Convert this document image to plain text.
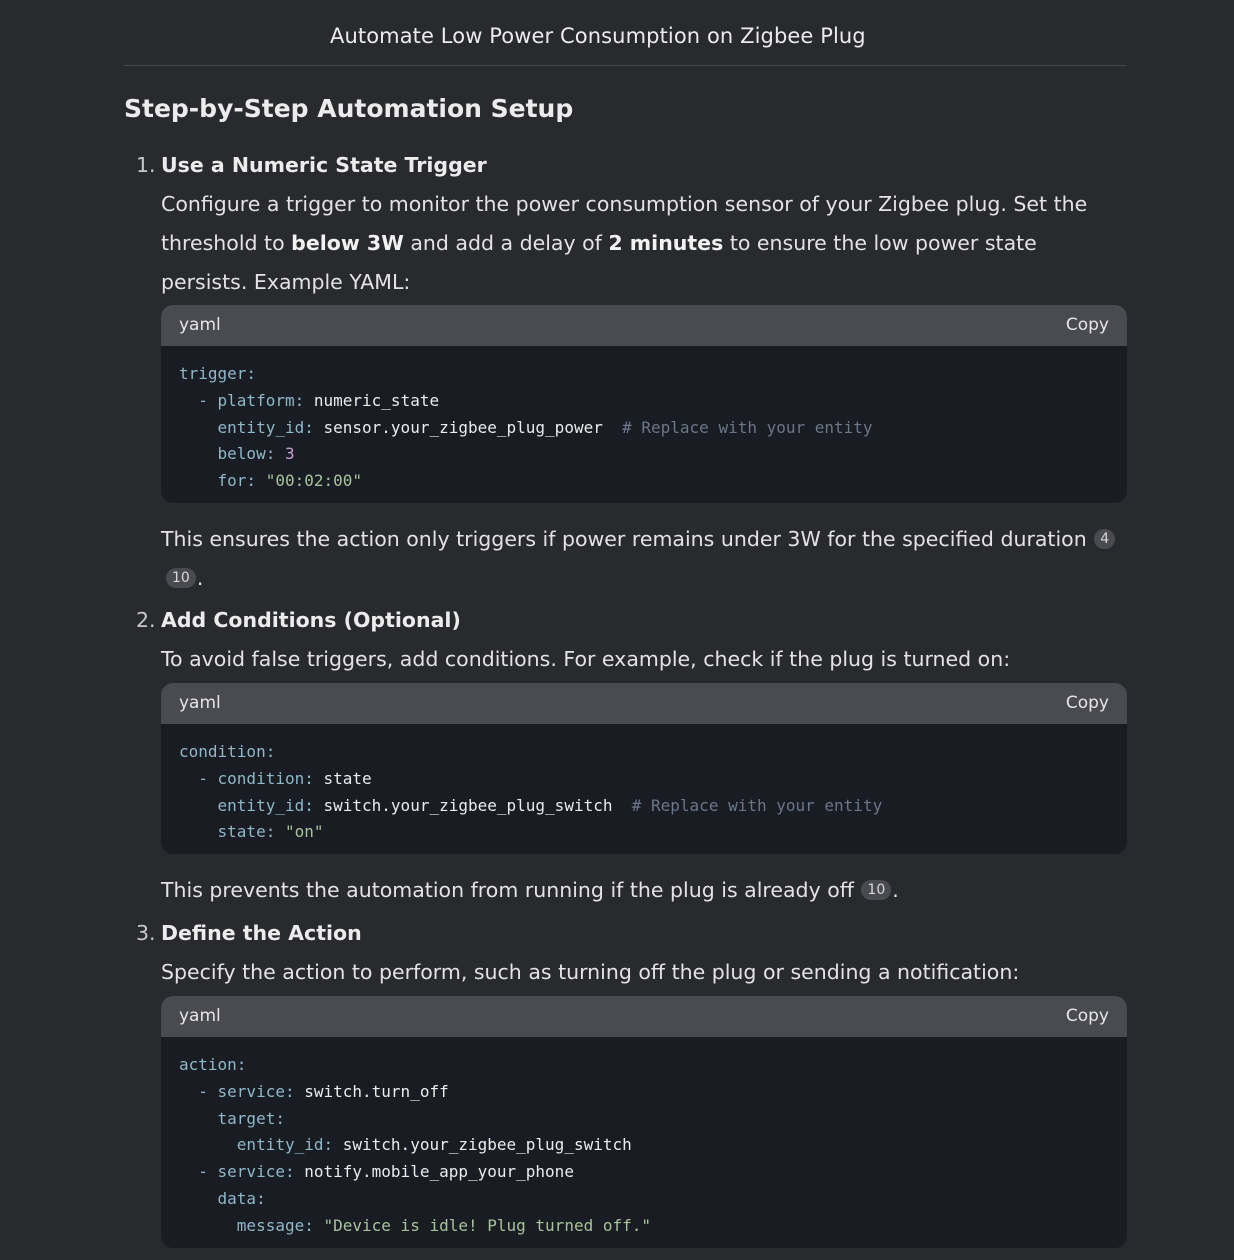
Automate Low Power Consumption on Zigbee Plug
Step-by-Step Automation Setup
1. Use a Numeric State Trigger
Configure a trigger to monitor the power consumption sensor of your Zigbee plug. Set the threshold to below 3W and add a delay of 2 minutes to ensure the low power state persists. Example YAML:
yaml	Copy
trigger:
- platform: numeric_state
entity_id: sensor.your_zigbee_plug_power  # Replace with your entity
below: 3
for: "00:02:00"
This ensures the action only triggers if power remains under 3W for the specified duration 4
10 .
2. Add Conditions (Optional)
To avoid false triggers, add conditions. For example, check if the plug is turned on:
yaml	Copy
condition:
- condition: state
entity_id: switch.your_zigbee_plug_switch  # Replace with your entity
state: "on"
This prevents the automation from running if the plug is already off 10 .
3. Define the Action
Specify the action to perform, such as turning off the plug or sending a notification:
yaml	Copy
action:
- service: switch.turn_off
target:
entity_id: switch.your_zigbee_plug_switch
- service: notify.mobile_app_your_phone
data:
message: "Device is idle! Plug turned off."
